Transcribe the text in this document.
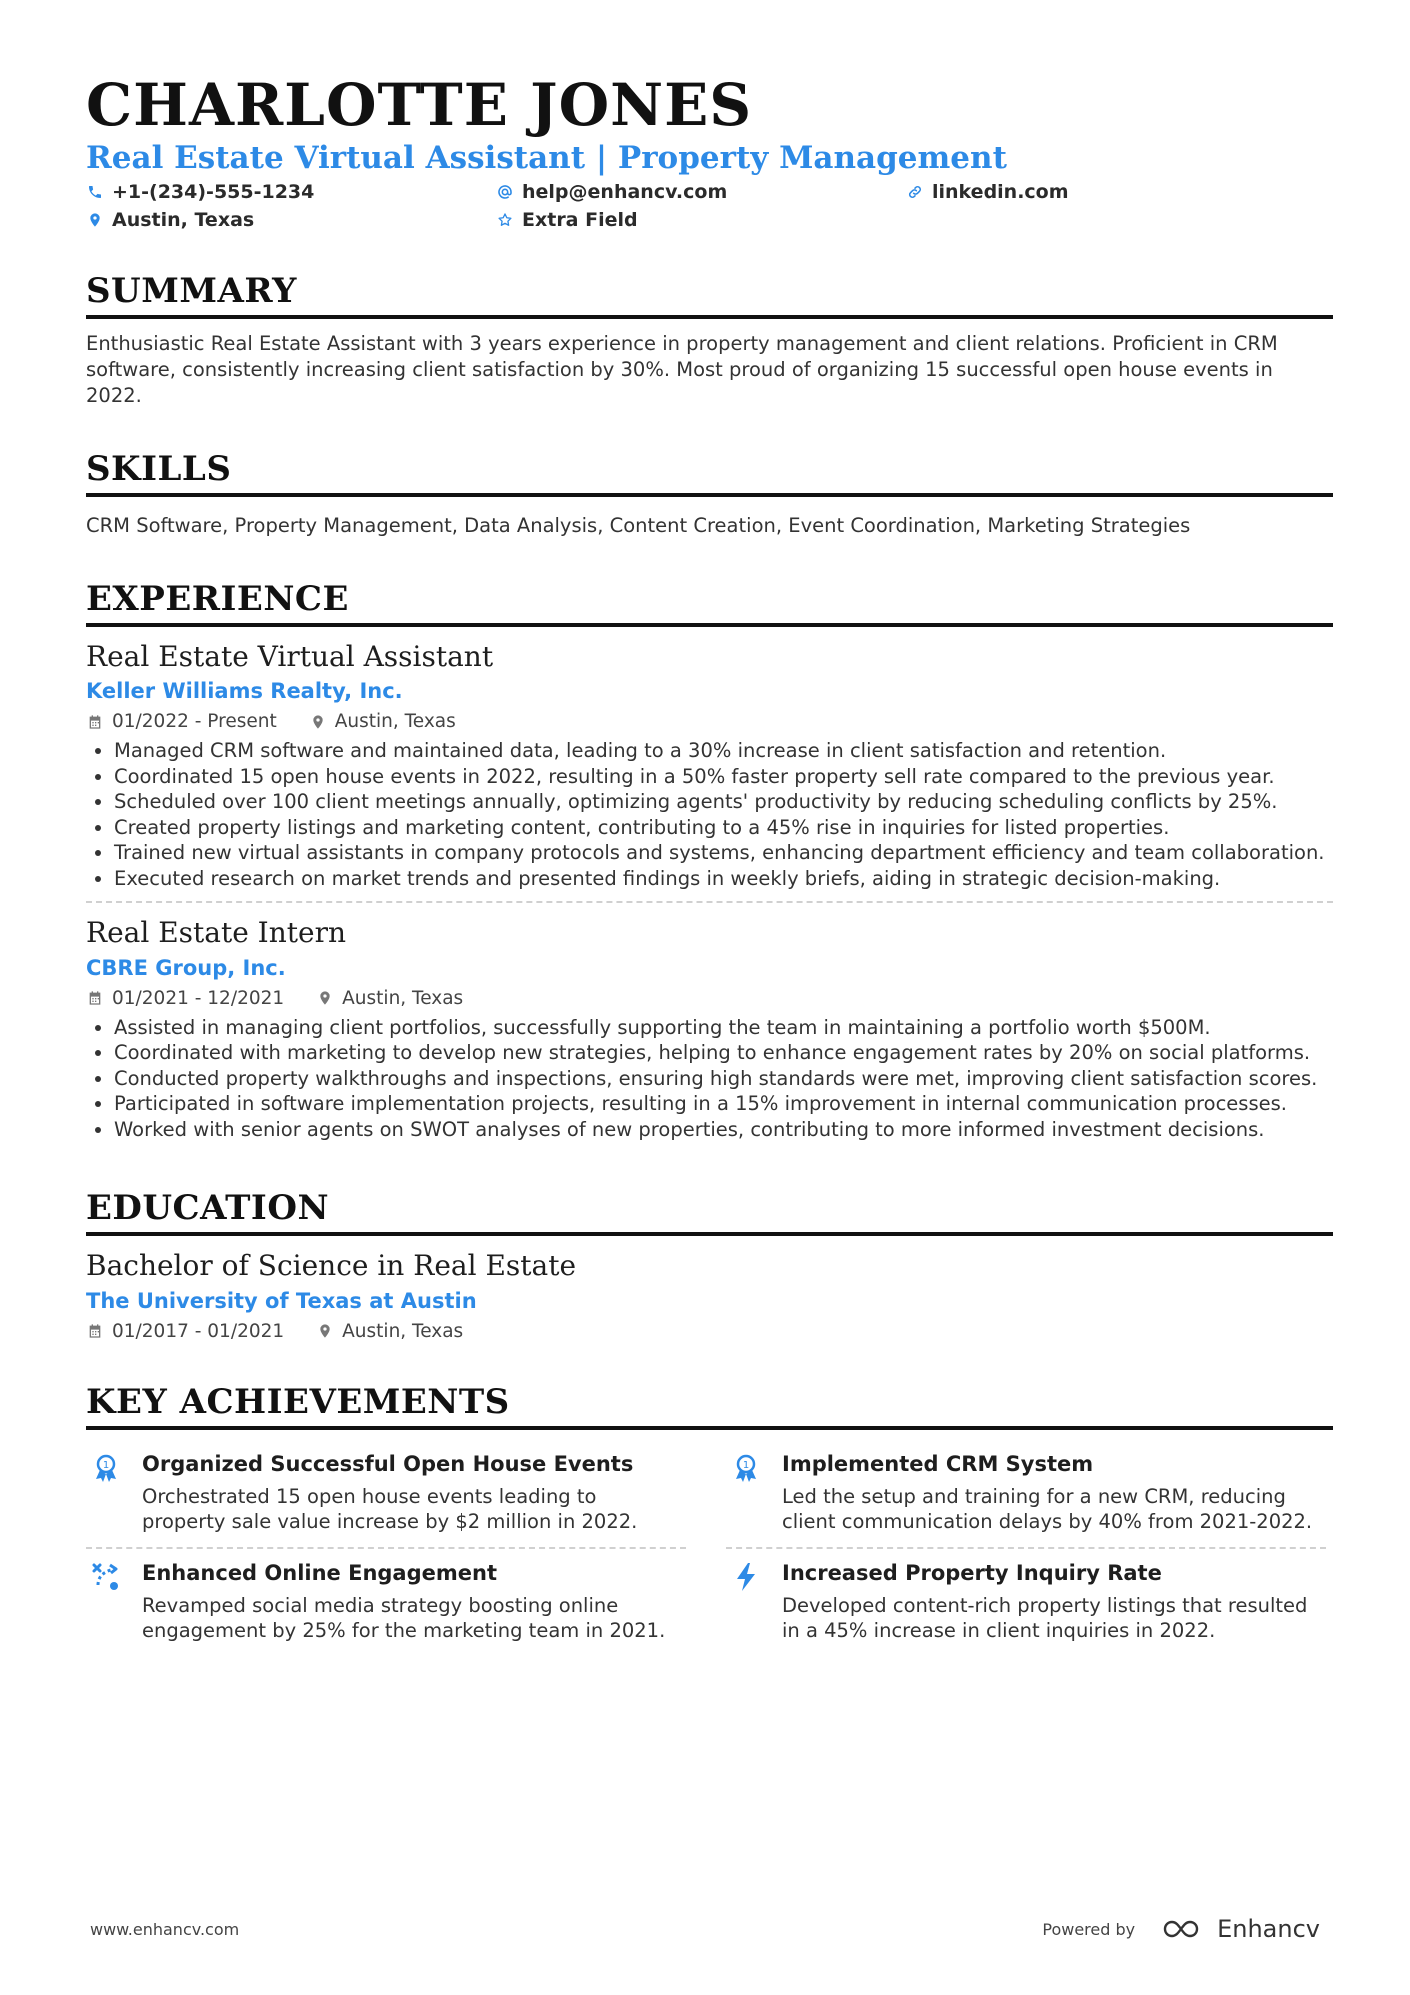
CHARLOTTE JONES
Real Estate Virtual Assistant | Property Management
+1-(234)-555-1234	help@enhancv.com	linkedin.com
Austin, Texas	Extra Field
SUMMARY
Enthusiastic Real Estate Assistant with 3 years experience in property management and client relations. Proficient in CRM software, consistently increasing client satisfaction by 30%. Most proud of organizing 15 successful open house events in 2022.
SKILLS
CRM Software, Property Management, Data Analysis, Content Creation, Event Coordination, Marketing Strategies
EXPERIENCE
Real Estate Virtual Assistant
Keller Williams Realty, Inc.
01/2022 - Present	Austin, Texas
• Managed CRM software and maintained data, leading to a 30% increase in client satisfaction and retention.
• Coordinated 15 open house events in 2022, resulting in a 50% faster property sell rate compared to the previous year.
• Scheduled over 100 client meetings annually, optimizing agents' productivity by reducing scheduling conflicts by 25%.
• Created property listings and marketing content, contributing to a 45% rise in inquiries for listed properties.
• Trained new virtual assistants in company protocols and systems, enhancing department efficiency and team collaboration.
• Executed research on market trends and presented findings in weekly briefs, aiding in strategic decision-making.
Real Estate Intern
CBRE Group, Inc.
01/2021 - 12/2021	Austin, Texas
• Assisted in managing client portfolios, successfully supporting the team in maintaining a portfolio worth $500M.
• Coordinated with marketing to develop new strategies, helping to enhance engagement rates by 20% on social platforms.
• Conducted property walkthroughs and inspections, ensuring high standards were met, improving client satisfaction scores.
• Participated in software implementation projects, resulting in a 15% improvement in internal communication processes.
• Worked with senior agents on SWOT analyses of new properties, contributing to more informed investment decisions.
EDUCATION
Bachelor of Science in Real Estate
The University of Texas at Austin
01/2017 - 01/2021	Austin, Texas
KEY ACHIEVEMENTS
1 Organized Successful Open House Events
Orchestrated 15 open house events leading to property sale value increase by $2 million in 2022.
1 Implemented CRM System
Led the setup and training for a new CRM, reducing client communication delays by 40% from 2021-2022.
Enhanced Online Engagement
Revamped social media strategy boosting online engagement by 25% for the marketing team in 2021.
Increased Property Inquiry Rate
Developed content-rich property listings that resulted in a 45% increase in client inquiries in 2022.
www.enhancv.com	Powered by	Enhancv
